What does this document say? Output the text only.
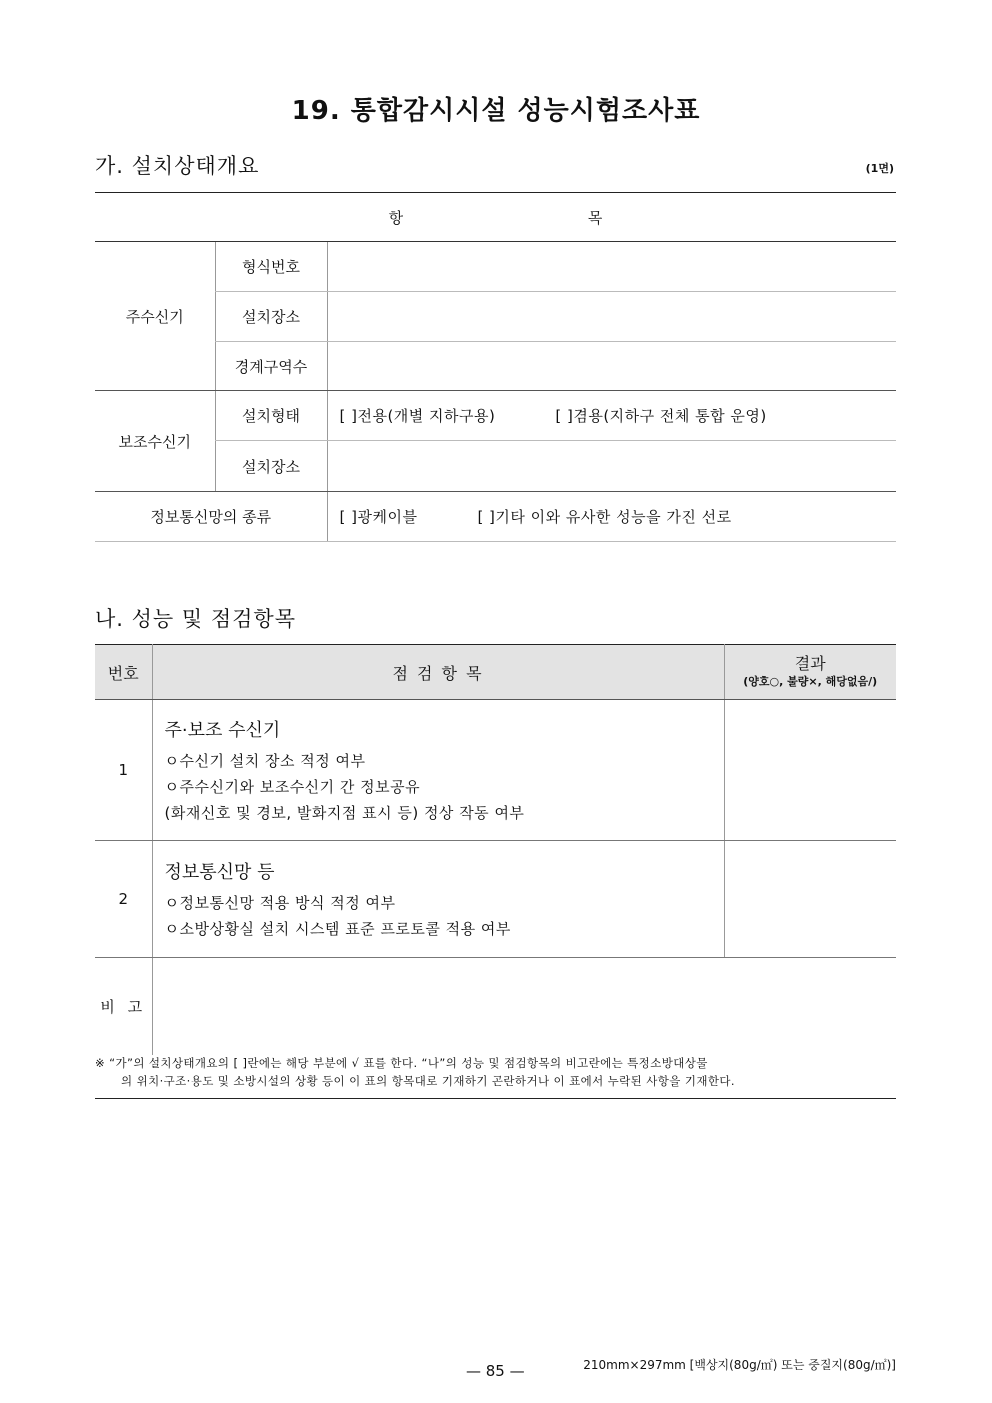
19. 통합감시시설 성능시험조사표
가. 설치상태개요	(1면)
항 목		
주수신기	형식번호	
	설치장소	
	경계구역수	
보조수신기	설치형태	[ ]전용(개별 지하구용) [ ]겸용(지하구 전체 통합 운영)
	설치장소	
정보통신망의 종류		[ ]광케이블 [ ]기타 이와 유사한 성능을 가진 선로
나. 성능 및 점검항목
번호	점 검 항 목	결과
(양호○, 불량×, 해당없음/)

1	주·보조 수신기
ㅇ수신기 설치 장소 적정 여부
ㅇ주수신기와 보조수신기 간 정보공유
(화재신호 및 경보, 발화지점 표시 등) 정상 작동 여부	

2	정보통신망 등
ㅇ정보통신망 적용 방식 적정 여부
ㅇ소방상황실 설치 시스템 표준 프로토콜 적용 여부	

비 고		
※ “가”의 설치상태개요의 [ ]란에는 해당 부분에 √ 표를 한다. “나”의 성능 및 점검항목의 비고란에는 특정소방대상물
의 위치·구조·용도 및 소방시설의 상황 등이 이 표의 항목대로 기재하기 곤란하거나 이 표에서 누락된 사항을 기재한다.
— 85 —	210mm×297mm [백상지(80g/㎡) 또는 중질지(80g/㎡)]
